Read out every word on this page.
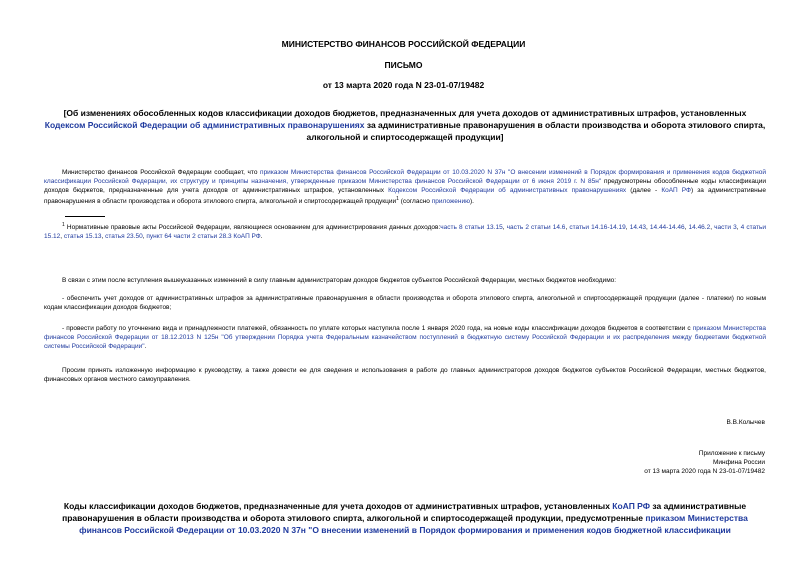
МИНИСТЕРСТВО ФИНАНСОВ РОССИЙСКОЙ ФЕДЕРАЦИИ
ПИСЬМО
от 13 марта 2020 года N 23-01-07/19482
[Об изменениях обособленных кодов классификации доходов бюджетов, предназначенных для учета доходов от административных штрафов, установленных Кодексом Российской Федерации об административных правонарушениях за административные правонарушения в области производства и оборота этилового спирта, алкогольной и спиртосодержащей продукции]
Министерство финансов Российской Федерации сообщает, что приказом Министерства финансов Российской Федерации от 10.03.2020 N 37н "О внесении изменений в Порядок формирования и применения кодов бюджетной классификации Российской Федерации, их структуру и принципы назначения, утвержденные приказом Министерства финансов Российской Федерации от 6 июня 2019 г. N 85н" предусмотрены обособленные коды классификации доходов бюджетов, предназначенные для учета доходов от административных штрафов, установленных Кодексом Российской Федерации об административных правонарушениях (далее - КоАП РФ) за административные правонарушения в области производства и оборота этилового спирта, алкогольной и спиртосодержащей продукции$^1$ (согласно приложению).
$^1$ Нормативные правовые акты Российской Федерации, являющиеся основанием для администрирования данных доходов:часть 8 статьи 13.15, часть 2 статьи 14.6, статьи 14.16-14.19, 14.43, 14.44-14.46, 14.46.2, части 3, 4 статьи 15.12, статья 15.13, статья 23.50, пункт 64 части 2 статьи 28.3 КоАП РФ.
В связи с этим после вступления вышеуказанных изменений в силу главным администраторам доходов бюджетов субъектов Российской Федерации, местных бюджетов необходимо:
- обеспечить учет доходов от административных штрафов за административные правонарушения в области производства и оборота этилового спирта, алкогольной и спиртосодержащей продукции (далее - платежи) по новым кодам классификации доходов бюджетов;
- провести работу по уточнению вида и принадлежности платежей, обязанность по уплате которых наступила после 1 января 2020 года, на новые коды классификации доходов бюджетов в соответствии с приказом Министерства финансов Российской Федерации от 18.12.2013 N 125н "Об утверждении Порядка учета Федеральным казначейством поступлений в бюджетную систему Российской Федерации и их распределения между бюджетами бюджетной системы Российской Федерации".
Просим принять изложенную информацию к руководству, а также довести ее для сведения и использования в работе до главных администраторов доходов бюджетов субъектов Российской Федерации, местных бюджетов, финансовых органов местного самоуправления.
В.В.Колычев
Приложение к письму
Минфина России
от 13 марта 2020 года N 23-01-07/19482
Коды классификации доходов бюджетов, предназначенные для учета доходов от административных штрафов, установленных КоАП РФ за административные правонарушения в области производства и оборота этилового спирта, алкогольной и спиртосодержащей продукции, предусмотренные приказом Министерства финансов Российской Федерации от 10.03.2020 N 37н "О внесении изменений в Порядок формирования и применения кодов бюджетной классификации
